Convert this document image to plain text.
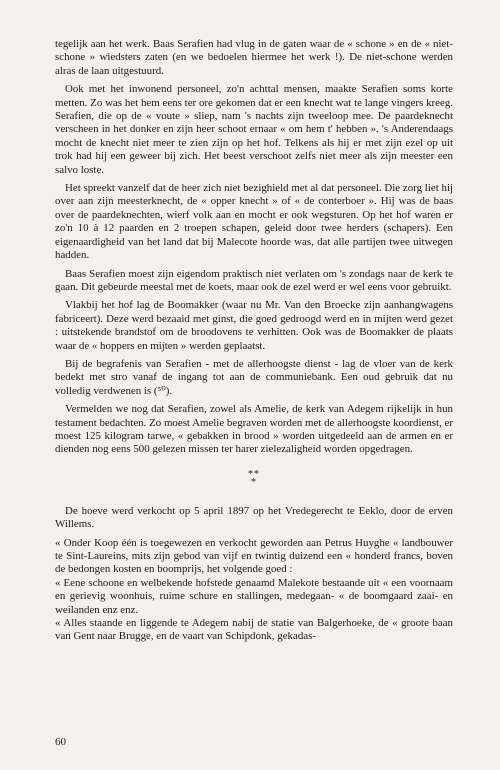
tegelijk aan het werk. Baas Serafien had vlug in de gaten waar de « schone » en de « niet-schone » wiedsters zaten (en we bedoelen hiermee het werk !). De niet-schone werden alras de laan uitgestuurd.

Ook met het inwonend personeel, zo'n achttal mensen, maakte Serafien soms korte metten. Zo was het hem eens ter ore gekomen dat er een knecht wat te lange vingers kreeg. Serafien, die op de « voute » sliep, nam 's nachts zijn tweeloop mee. De paardeknecht verscheen in het donker en zijn heer schoot ernaar « om hem t' hebben ». 's Anderendaags mocht de knecht niet meer te zien zijn op het hof. Telkens als hij er met zijn ezel op uit trok had hij een geweer bij zich. Het beest verschoot zelfs niet meer als zijn meester een salvo loste.

Het spreekt vanzelf dat de heer zich niet bezighield met al dat personeel. Die zorg liet hij over aan zijn meesterknecht, de « opper knecht » of « de conterboer ». Hij was de baas over de paardeknechten, wierf volk aan en mocht er ook wegsturen. Op het hof waren er zo'n 10 à 12 paarden en 2 troepen schapen, geleid door twee herders (schapers). Een eigenaardigheid van het land dat bij Malecote hoorde was, dat alle partijen twee uitwegen hadden.

Baas Serafien moest zijn eigendom praktisch niet verlaten om 's zondags naar de kerk te gaan. Dit gebeurde meestal met de koets, maar ook de ezel werd er wel eens voor gebruikt.

Vlakbij het hof lag de Boomakker (waar nu Mr. Van den Broecke zijn aanhangwagens fabriceert). Deze werd bezaaid met ginst, die goed gedroogd werd en in mijten werd gezet : uitstekende brandstof om de broodovens te verhitten. Ook was de Boomakker de plaats waar de « hoppers en mijten » werden geplaatst.

Bij de begrafenis van Serafien - met de allerhoogste dienst - lag de vloer van de kerk bedekt met stro vanaf de ingang tot aan de communiebank. Een oud gebruik dat nu volledig verdwenen is (⁵⁰).

Vermelden we nog dat Serafien, zowel als Amelie, de kerk van Adegem rijkelijk in hun testament bedachten. Zo moest Amelie begraven worden met de allerhoogste koordienst, er moest 125 kilogram tarwe, « gebakken in brood » worden uitgedeeld aan de armen en er dienden nog eens 500 gelezen missen ter harer zielezaligheid worden opgedragen.

**
*

De hoeve werd verkocht op 5 april 1897 op het Vredegerecht te Eeklo, door de erven Willems.

« Onder Koop één is toegewezen en verkocht geworden aan Petrus Huyghe « landbouwer te Sint-Laureins, mits zijn gebod van vijf en twintig duizend een « honderd francs, boven de bedongen kosten en boomprijs, het volgende goed :

« Eene schoone en welbekende hofstede genaamd Malekote bestaande uit « een voornaam en gerievig woonhuis, ruime schure en stallingen, medegaan- « de boomgaard zaai- en weilanden enz enz.

« Alles staande en liggende te Adegem nabij de statie van Balgerhoeke, de « groote baan van Gent naar Brugge, en de vaart van Schipdonk, gekadas-

60
